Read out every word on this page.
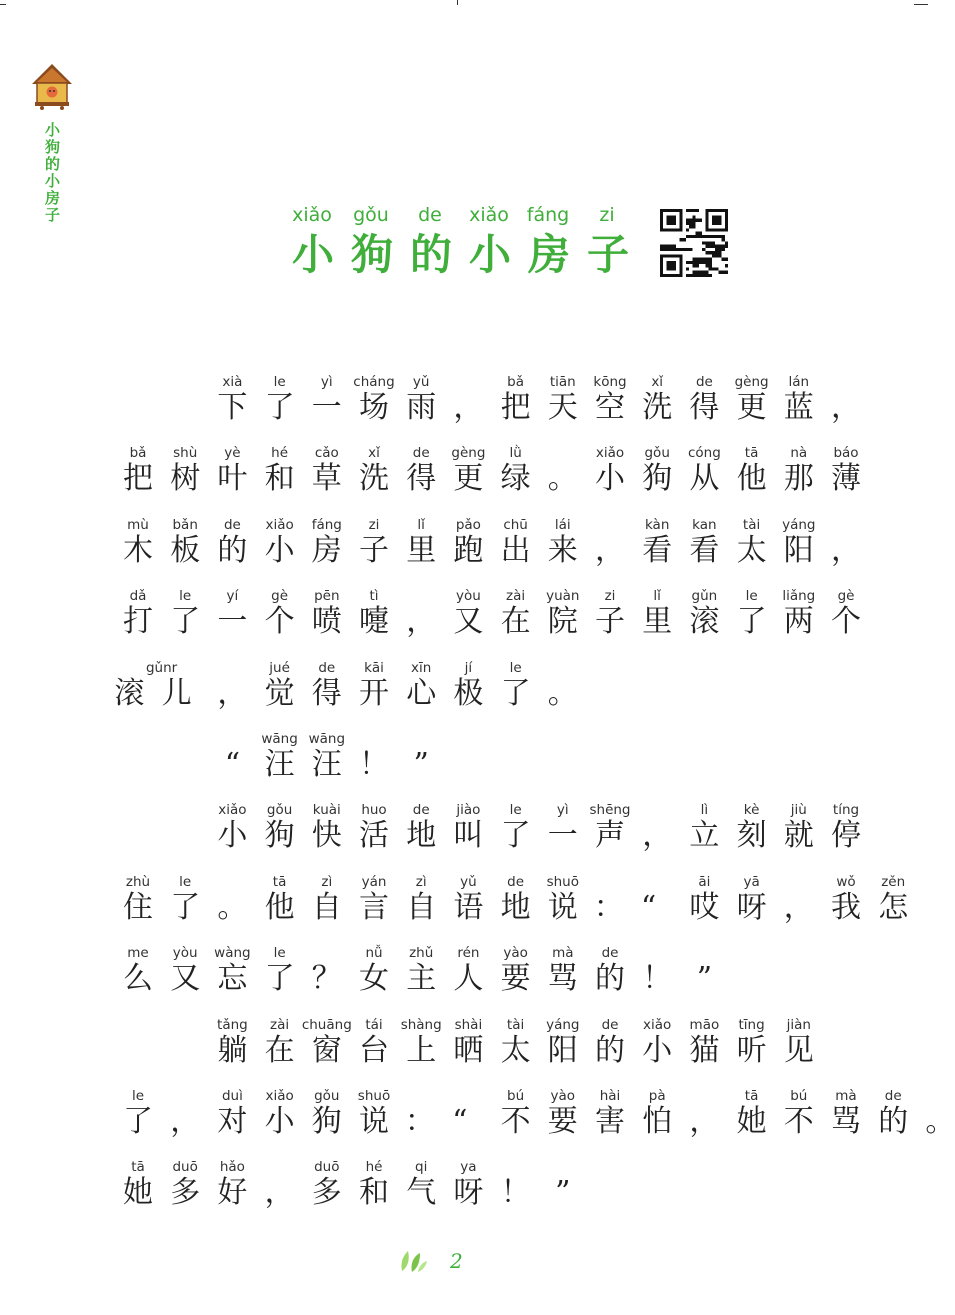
小狗的小房子	xiǎo
小
gǒu
狗
de
的
xiǎo
小
fáng
房
zi
子
下
xià
了
le
一
yì
场
cháng
雨
yǔ
， 把
bǎ
天
tiān
空
kōng
洗
xǐ
得
de
更
gèng
蓝
lán
，
把
bǎ
树
shù
叶
yè
和
hé
草
cǎo
洗
xǐ
得
de
更
gèng
绿
lǜ
。 小
xiǎo
狗
gǒu
从
cóng
他
tā
那
nà
薄
báo
木
mù
板
bǎn
的
de
小
xiǎo
房
fáng
子
zi
里
lǐ
跑
pǎo
出
chū
来
lái
， 看
kàn
看
kan
太
tài
阳
yáng
，
打
dǎ
了
le
一
yí
个
gè
喷
pēn
嚏
tì
， 又
yòu
在
zài
院
yuàn
子
zi
里
lǐ
滚
gǔn
了
le
两
liǎng
个
gè
滚儿
gǔnr
， 觉
jué
得
de
开
kāi
心
xīn
极
jí
了
le
。
“ 汪
wāng
汪
wāng
！ ”
小
xiǎo
狗
gǒu
快
kuài
活
huo
地
de
叫
jiào
了
le
一
yì
声
shēng
， 立
lì
刻
kè
就
jiù
停
tíng
住
zhù
了
le
。 他
tā
自
zì
言
yán
自
zì
语
yǔ
地
de
说
shuō
：“ 哎
āi
呀
yā
， 我
wǒ
怎
zěn
么
me
又
yòu
忘
wàng
了
le
？ 女
nǚ
主
zhǔ
人
rén
要
yào
骂
mà
的
de
！ ”
躺
tǎng
在
zài
窗
chuāng
台
tái
上
shàng
晒
shài
太
tài
阳
yáng
的
de
小
xiǎo
猫
māo
听
tīng
见
jiàn
了
le
， 对
duì
小
xiǎo
狗
gǒu
说
shuō
：“ 不
bú
要
yào
害
hài
怕
pà
， 她
tā
不
bú
骂
mà
的
de
。
她
tā
多
duō
好
hǎo
， 多
duō
和
hé
气
qi
呀
ya
！ ”
2
